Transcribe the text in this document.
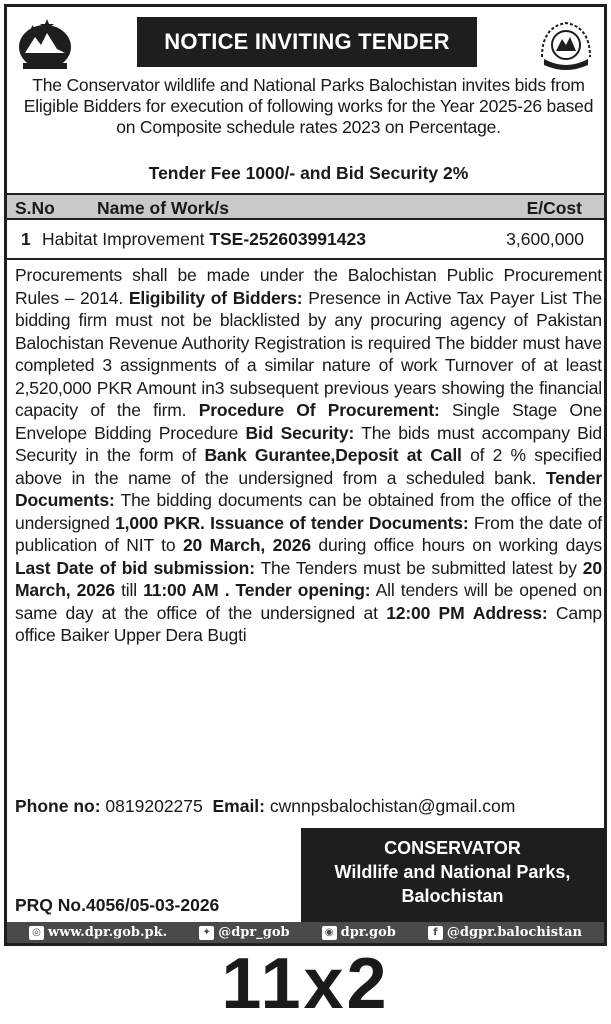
NOTICE INVITING TENDER

The Conservator wildlife and National Parks Balochistan invites bids from Eligible Bidders for execution of following works for the Year 2025-26 based on Composite schedule rates 2023 on Percentage.

Tender Fee 1000/- and Bid Security 2%

S.No Name of Work/s	E/Cost
1 Habitat Improvement TSE-252603991423	3,600,000

Procurements shall be made under the Balochistan Public Procurement Rules – 2014. Eligibility of Bidders: Presence in Active Tax Payer List The bidding firm must not be blacklisted by any procuring agency of Pakistan Balochistan Revenue Authority Registration is required The bidder must have completed 3 assignments of a similar nature of work Turnover of at least 2,520,000 PKR Amount in3 subsequent previous years showing the financial capacity of the firm. Procedure Of Procurement: Single Stage One Envelope Bidding Procedure Bid Security: The bids must accompany Bid Security in the form of Bank Gurantee,Deposit at Call of 2 % specified above in the name of the undersigned from a scheduled bank. Tender Documents: The bidding documents can be obtained from the office of the undersigned 1,000 PKR. Issuance of tender Documents: From the date of publication of NIT to 20 March, 2026 during office hours on working days Last Date of bid submission: The Tenders must be submitted latest by 20 March, 2026 till 11:00 AM . Tender opening: All tenders will be opened on same day at the office of the undersigned at 12:00 PM Address: Camp office Baiker Upper Dera Bugti

Phone no: 0819202275 Email: cwnnpsbalochistan@gmail.com

CONSERVATOR
Wildlife and National Parks,
Balochistan
PRQ No.4056/05-03-2026
◎ www.dpr.gob.pk.	✦ @dpr_gob	◉ dpr.gob	f @dgpr.balochistan
11x2
